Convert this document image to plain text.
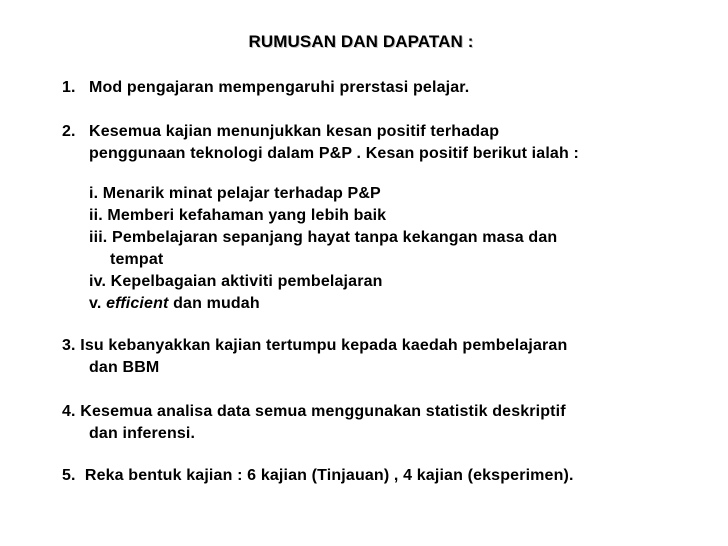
RUMUSAN DAN DAPATAN :
1. Mod pengajaran mempengaruhi prerstasi pelajar.
2. Kesemua kajian menunjukkan kesan positif terhadap
penggunaan teknologi dalam P&P . Kesan positif berikut ialah :
i. Menarik minat pelajar terhadap P&P
ii. Memberi kefahaman yang lebih baik
iii. Pembelajaran sepanjang hayat tanpa kekangan masa dan
tempat
iv. Kepelbagaian aktiviti pembelajaran
v. efficient dan mudah
3. Isu kebanyakkan kajian tertumpu kepada kaedah pembelajaran
dan BBM
4. Kesemua analisa data semua menggunakan statistik deskriptif
dan inferensi.
5. Reka bentuk kajian : 6 kajian (Tinjauan) , 4 kajian (eksperimen).
